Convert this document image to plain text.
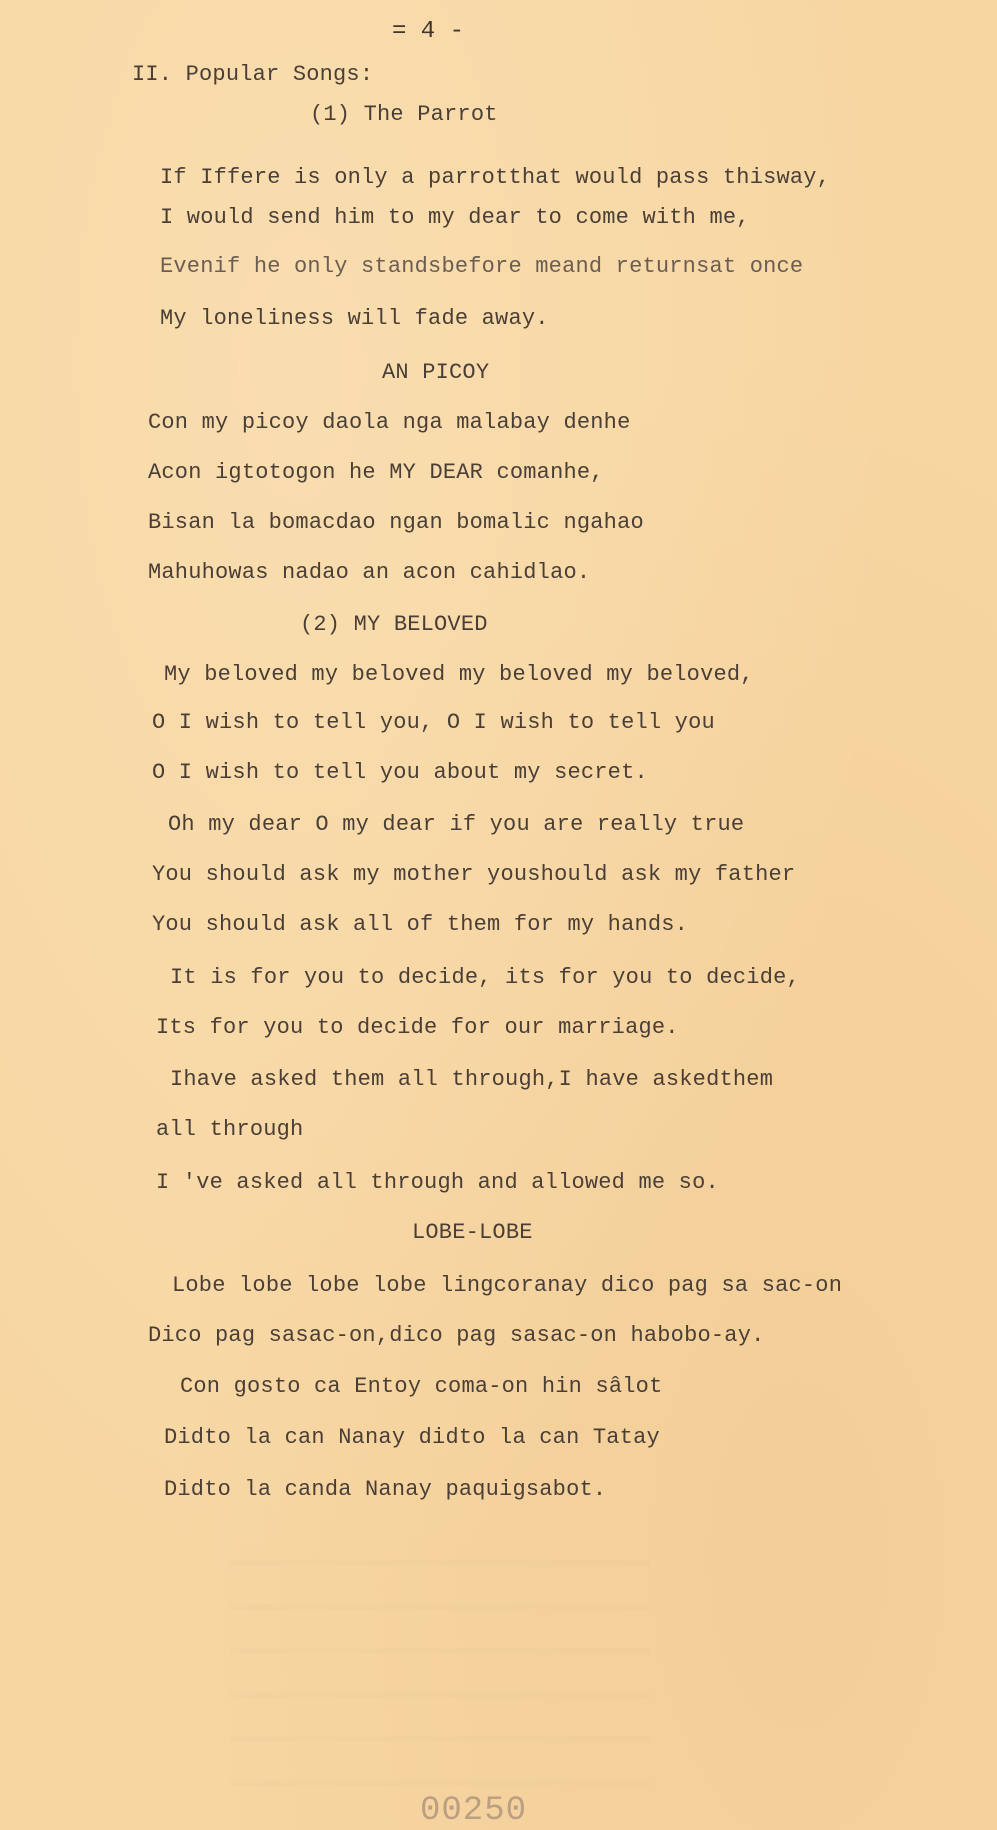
= 4 -
II. Popular Songs:
(1) The Parrot
If Iffere is only a parrotthat would pass thisway,
I would send him to my dear to come with me,
Evenif he only standsbefore meand returnsat once
My loneliness will fade away.
AN PICOY
Con my picoy daola nga malabay denhe
Acon igtotogon he MY DEAR comanhe,
Bisan la bomacdao ngan bomalic ngahao
Mahuhowas nadao an acon cahidlao.
(2) MY BELOVED
My beloved my beloved my beloved my beloved,
O I wish to tell you, O I wish to tell you
O I wish to tell you about my secret.
Oh my dear O my dear if you are really true
You should ask my mother youshould ask my father
You should ask all of them for my hands.
It is for you to decide, its for you to decide,
Its for you to decide for our marriage.
Ihave asked them all through,I have askedthem
all through
I 've asked all through and allowed me so.
LOBE-LOBE
Lobe lobe lobe lobe lingcoranay dico pag sa sac-on
Dico pag sasac-on,dico pag sasac-on habobo-ay.
Con gosto ca Entoy coma-on hin sâlot
Didto la can Nanay didto la can Tatay
Didto la canda Nanay paquigsabot.
00250
